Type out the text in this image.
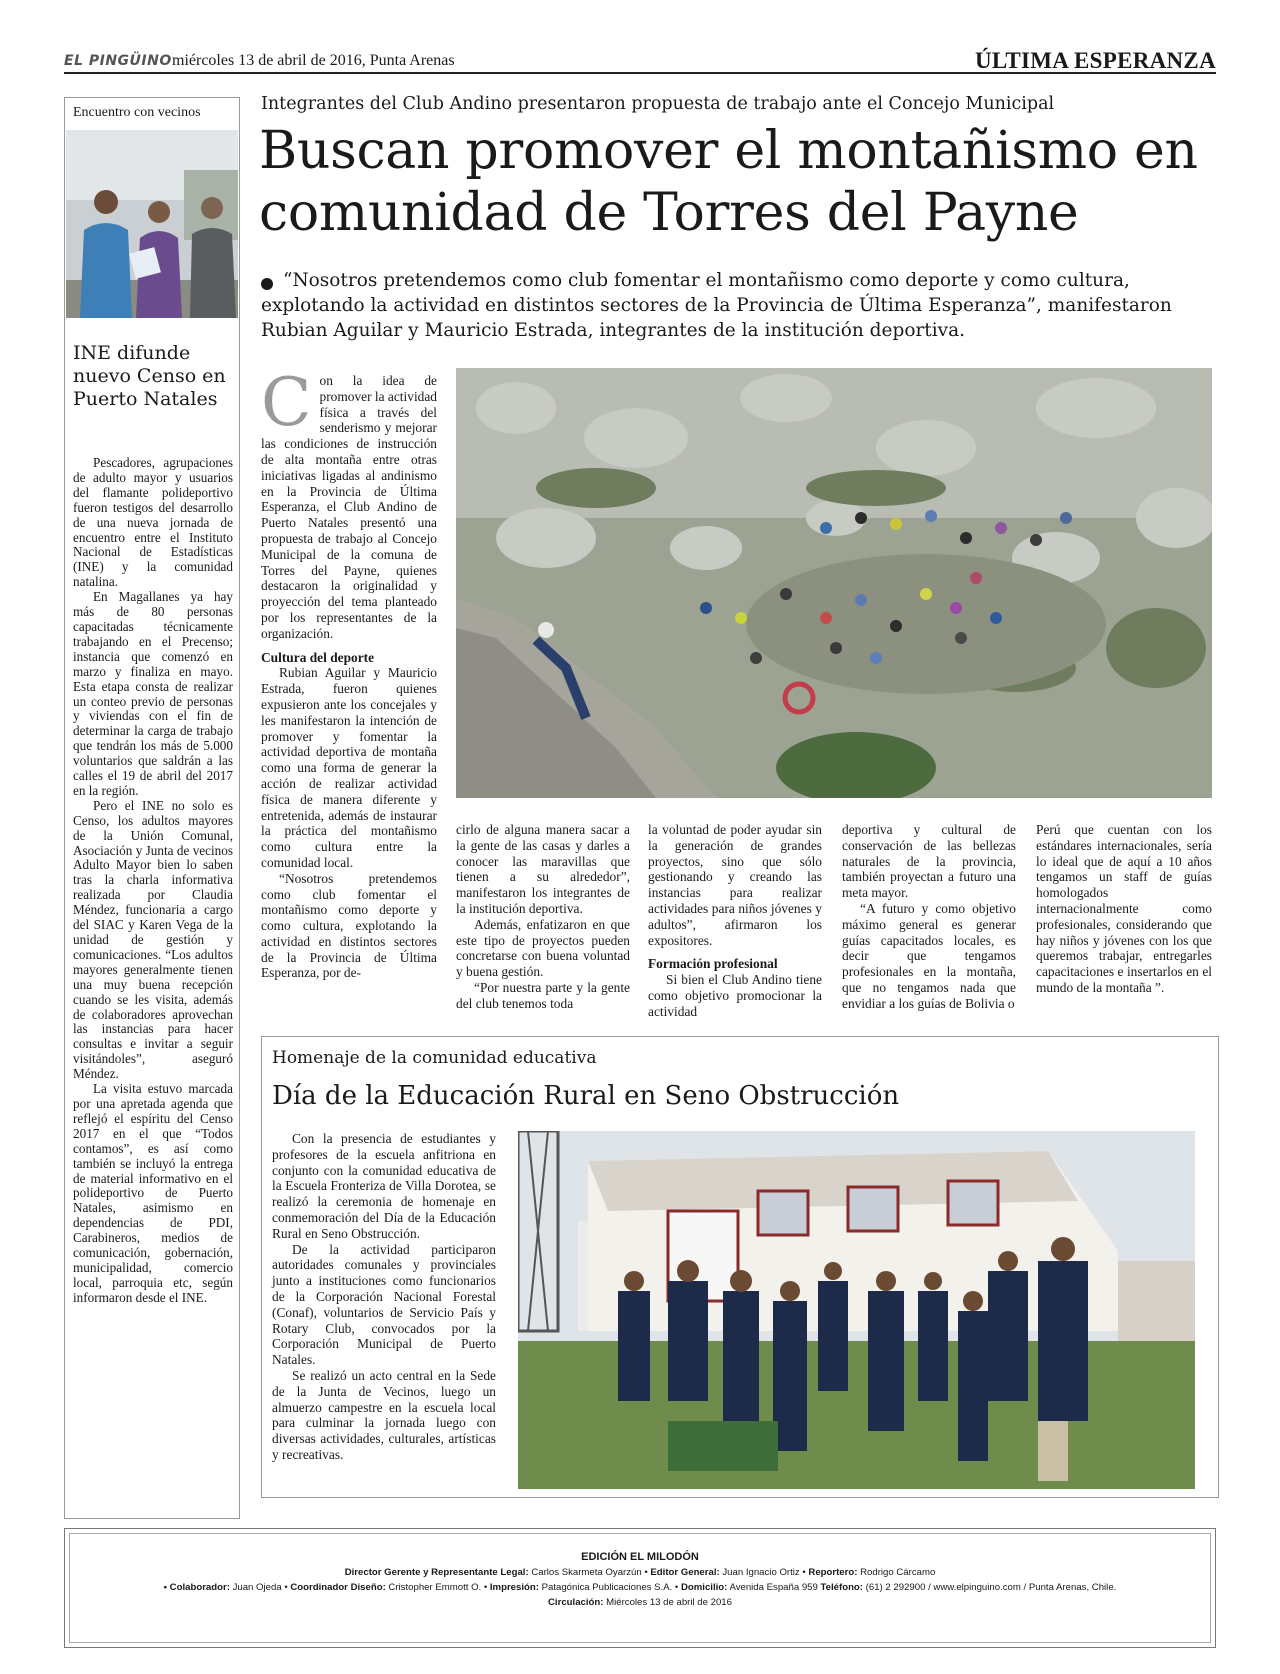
EL PINGÜINO miércoles 13 de abril de 2016, Punta Arenas	ÚLTIMA ESPERANZA
Encuentro con vecinos
INE difunde nuevo Censo en Puerto Natales

Pescadores, agrupaciones de adulto mayor y usuarios del flamante polideportivo fueron testigos del desarrollo de una nueva jornada de encuentro entre el Instituto Nacional de Estadísticas (INE) y la comunidad natalina.

En Magallanes ya hay más de 80 personas capacitadas técnicamente trabajando en el Precenso; instancia que comenzó en marzo y finaliza en mayo. Esta etapa consta de realizar un conteo previo de personas y viviendas con el fin de determinar la carga de trabajo que tendrán los más de 5.000 voluntarios que saldrán a las calles el 19 de abril del 2017 en la región.

Pero el INE no solo es Censo, los adultos mayores de la Unión Comunal, Asociación y Junta de vecinos Adulto Mayor bien lo saben tras la charla informativa realizada por Claudia Méndez, funcionaria a cargo del SIAC y Karen Vega de la unidad de gestión y comunicaciones. “Los adultos mayores generalmente tienen una muy buena recepción cuando se les visita, además de colaboradores aprovechan las instancias para hacer consultas e invitar a seguir visitándoles”, aseguró Méndez.

La visita estuvo marcada por una apretada agenda que reflejó el espíritu del Censo 2017 en el que “Todos contamos”, es así como también se incluyó la entrega de material informativo en el polideportivo de Puerto Natales, asimismo en dependencias de PDI, Carabineros, medios de comunicación, gobernación, municipalidad, comercio local, parroquia etc, según informaron desde el INE.

Integrantes del Club Andino presentaron propuesta de trabajo ante el Concejo Municipal
Buscan promover el montañismo en comunidad de Torres del Payne
“Nosotros pretendemos como club fomentar el montañismo como deporte y como cultura, explotando la actividad en distintos sectores de la Provincia de Última Esperanza”, manifestaron Rubian Aguilar y Mauricio Estrada, integrantes de la institución deportiva.

Con la idea de promover la actividad física a través del senderismo y mejorar las condiciones de instrucción de alta montaña entre otras iniciativas ligadas al andinismo en la Provincia de Última Esperanza, el Club Andino de Puerto Natales presentó una propuesta de trabajo al Concejo Municipal de la comuna de Torres del Payne, quienes destacaron la originalidad y proyección del tema planteado por los representantes de la organización.

Cultura del deporte

Rubian Aguilar y Mauricio Estrada, fueron quienes expusieron ante los concejales y les manifestaron la intención de promover y fomentar la actividad deportiva de montaña como una forma de generar la acción de realizar actividad física de manera diferente y entretenida, además de instaurar la práctica del montañismo como cultura entre la comunidad local.

“Nosotros pretendemos como club fomentar el montañismo como deporte y como cultura, explotando la actividad en distintos sectores de la Provincia de Última Esperanza, por de-

cirlo de alguna manera sacar a la gente de las casas y darles a conocer las maravillas que tienen a su alrededor”, manifestaron los integrantes de la institución deportiva.

Además, enfatizaron en que este tipo de proyectos pueden concretarse con buena voluntad y buena gestión.

“Por nuestra parte y la gente del club tenemos toda

la voluntad de poder ayudar sin la generación de grandes proyectos, sino que sólo gestionando y creando las instancias para realizar actividades para niños jóvenes y adultos”, afirmaron los expositores.

Formación profesional

Si bien el Club Andino tiene como objetivo promocionar la actividad

deportiva y cultural de conservación de las bellezas naturales de la provincia, también proyectan a futuro una meta mayor.

“A futuro y como objetivo máximo general es generar guías capacitados locales, es decir que tengamos profesionales en la montaña, que no tengamos nada que envidiar a los guías de Bolivia o

Perú que cuentan con los estándares internacionales, sería lo ideal que de aquí a 10 años tengamos un staff de guías homologados internacionalmente como profesionales, considerando que hay niños y jóvenes con los que queremos trabajar, entregarles capacitaciones e insertarlos en el mundo de la montaña ”.

Homenaje de la comunidad educativa
Día de la Educación Rural en Seno Obstrucción

Con la presencia de estudiantes y profesores de la escuela anfitriona en conjunto con la comunidad educativa de la Escuela Fronteriza de Villa Dorotea, se realizó la ceremonia de homenaje en conmemoración del Día de la Educación Rural en Seno Obstrucción.

De la actividad participaron autoridades comunales y provinciales junto a instituciones como funcionarios de la Corporación Nacional Forestal (Conaf), voluntarios de Servicio País y Rotary Club, convocados por la Corporación Municipal de Puerto Natales.

Se realizó un acto central en la Sede de la Junta de Vecinos, luego un almuerzo campestre en la escuela local para culminar la jornada luego con diversas actividades, culturales, artísticas y recreativas.

EDICIÓN EL MILODÓN
Director Gerente y Representante Legal: Carlos Skarmeta Oyarzún • Editor General: Juan Ignacio Ortiz • Reportero: Rodrigo Cárcamo
• Colaborador: Juan Ojeda • Coordinador Diseño: Cristopher Emmott O. • Impresión: Patagónica Publicaciones S.A. • Domicilio: Avenida España 959 Teléfono: (61) 2 292900 / www.elpinguino.com / Punta Arenas, Chile.
Circulación: Miércoles 13 de abril de 2016
